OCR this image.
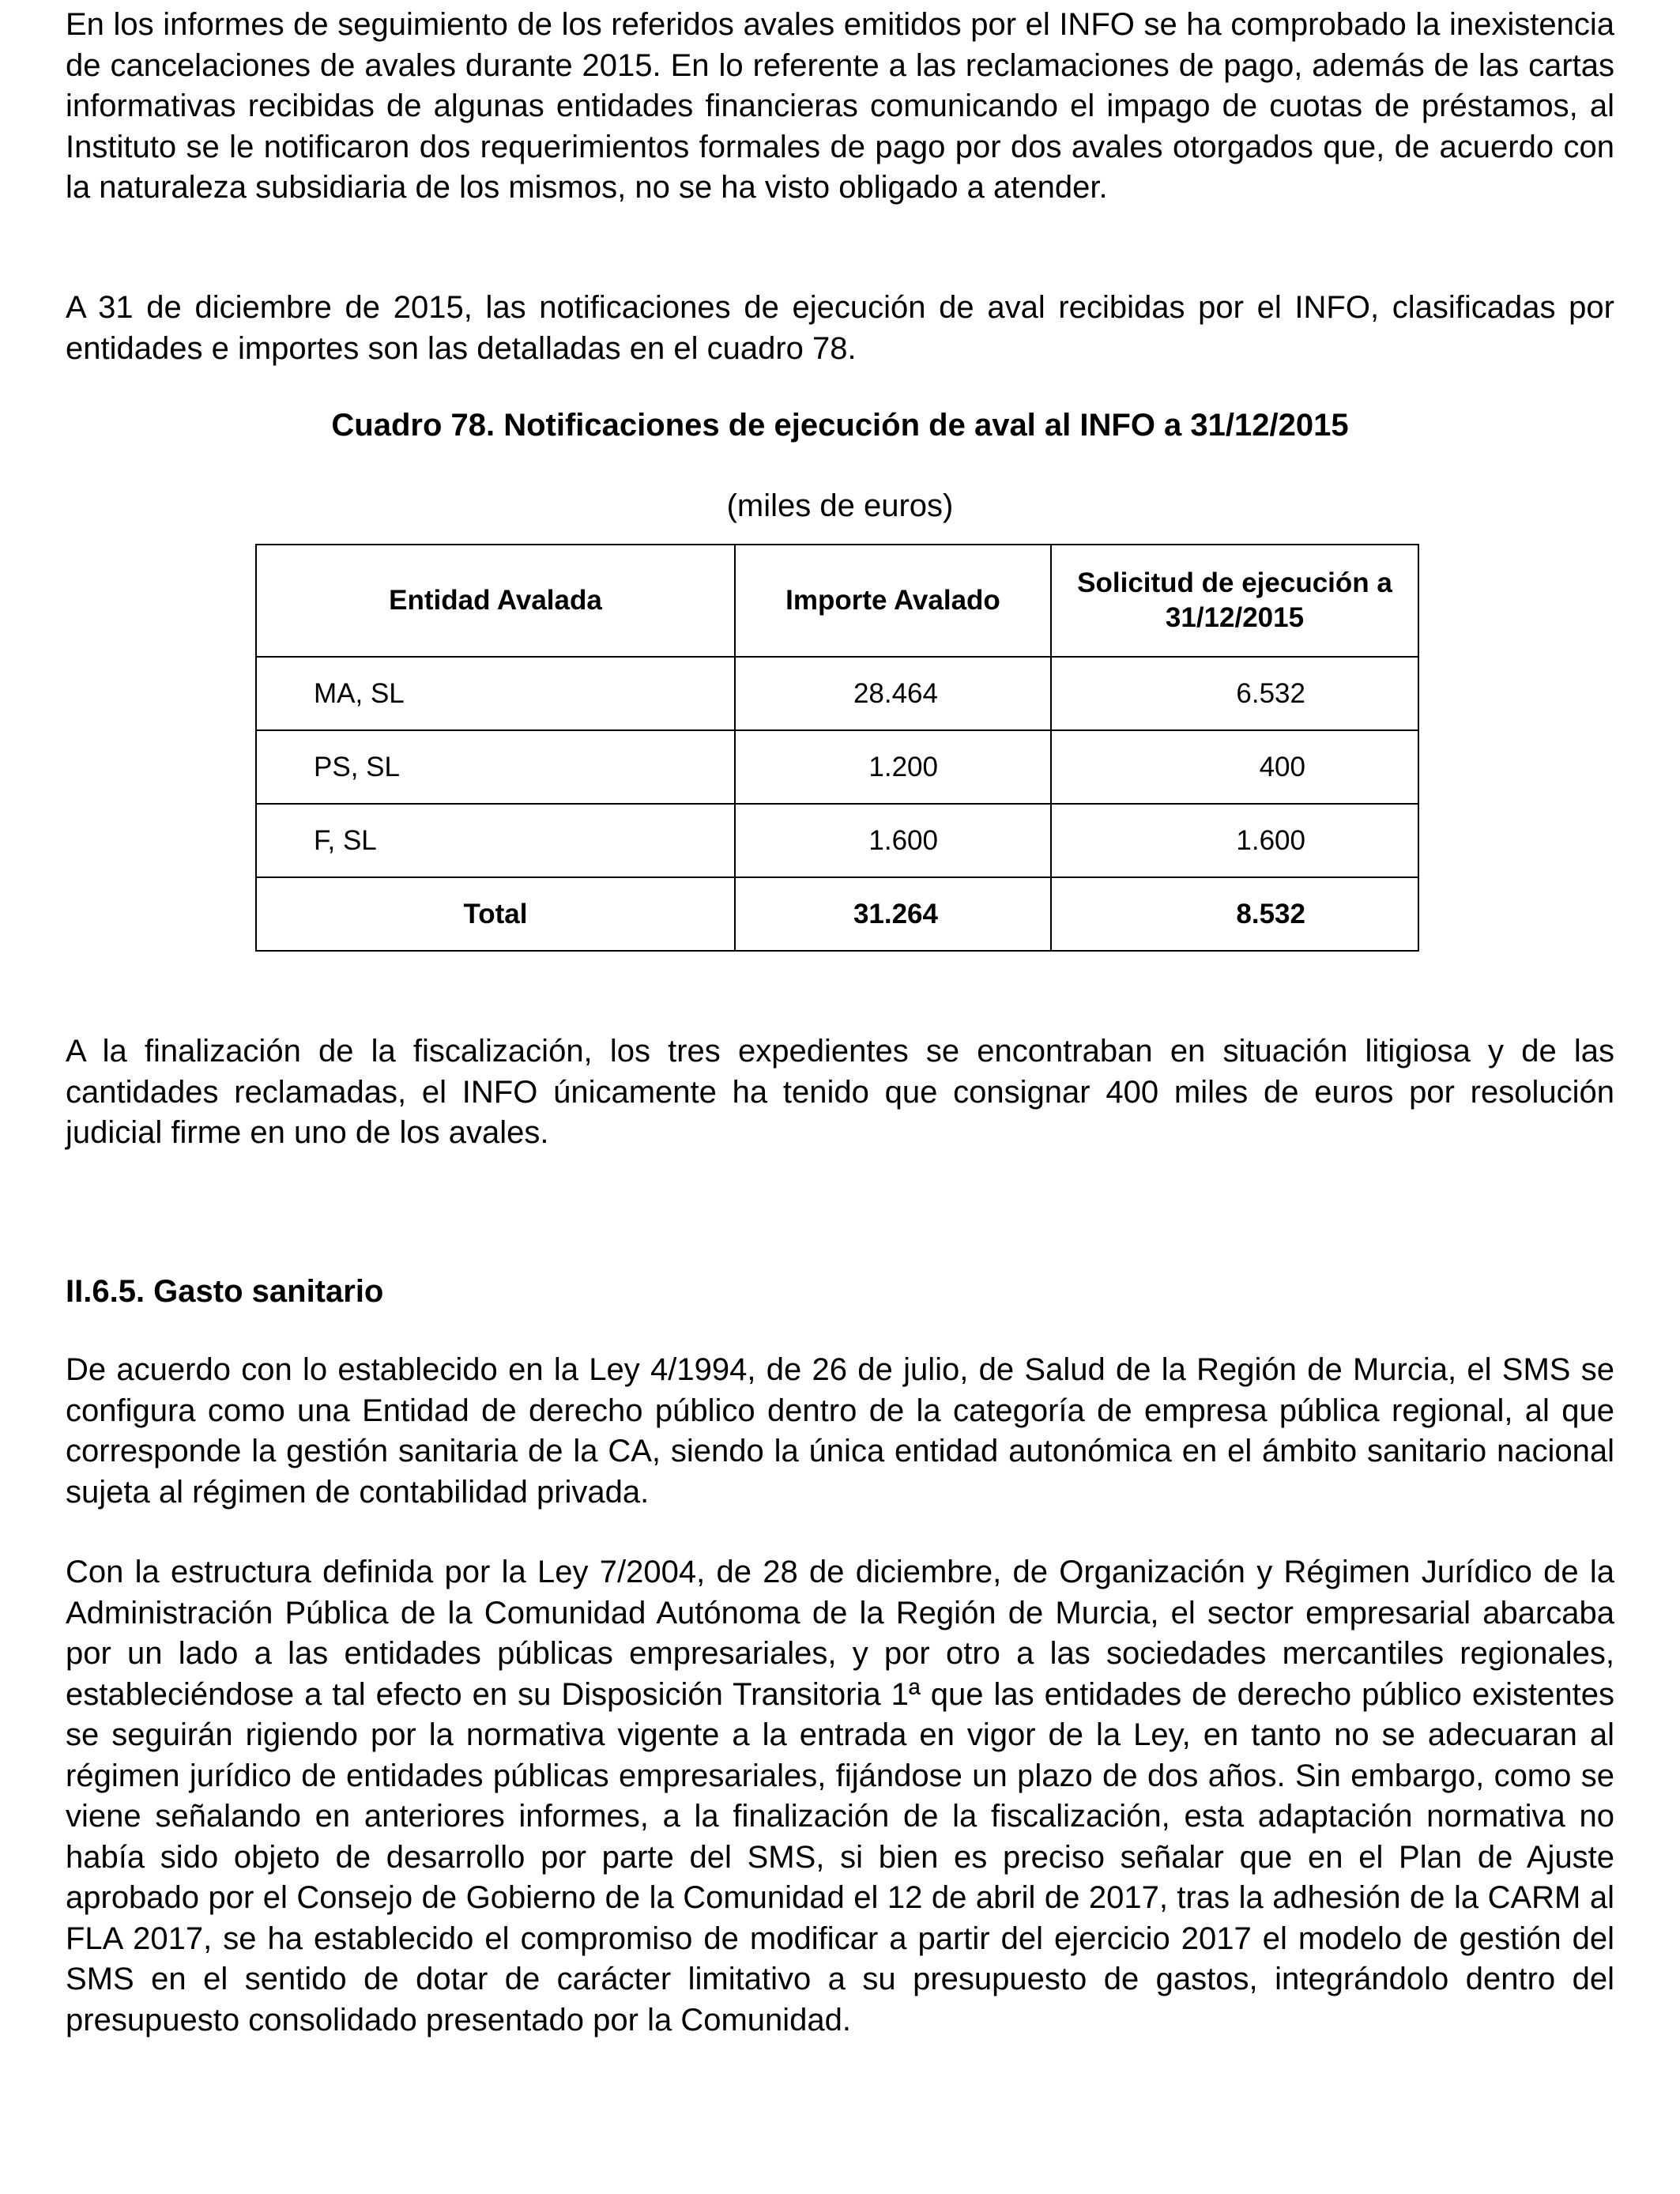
En los informes de seguimiento de los referidos avales emitidos por el INFO se ha comprobado la inexistencia de cancelaciones de avales durante 2015. En lo referente a las reclamaciones de pago, además de las cartas informativas recibidas de algunas entidades financieras comunicando el impago de cuotas de préstamos, al Instituto se le notificaron dos requerimientos formales de pago por dos avales otorgados que, de acuerdo con la naturaleza subsidiaria de los mismos, no se ha visto obligado a atender.

A 31 de diciembre de 2015, las notificaciones de ejecución de aval recibidas por el INFO, clasificadas por entidades e importes son las detalladas en el cuadro 78.

Cuadro 78. Notificaciones de ejecución de aval al INFO a 31/12/2015

(miles de euros)

Entidad Avalada	Importe Avalado	Solicitud de ejecución a 31/12/2015

MA, SL	28.464	6.532
PS, SL	1.200	400
F, SL	1.600	1.600
Total	31.264	8.532

A la finalización de la fiscalización, los tres expedientes se encontraban en situación litigiosa y de las cantidades reclamadas, el INFO únicamente ha tenido que consignar 400 miles de euros por resolución judicial firme en uno de los avales.

II.6.5. Gasto sanitario

De acuerdo con lo establecido en la Ley 4/1994, de 26 de julio, de Salud de la Región de Murcia, el SMS se configura como una Entidad de derecho público dentro de la categoría de empresa pública regional, al que corresponde la gestión sanitaria de la CA, siendo la única entidad autonómica en el ámbito sanitario nacional sujeta al régimen de contabilidad privada.

Con la estructura definida por la Ley 7/2004, de 28 de diciembre, de Organización y Régimen Jurídico de la Administración Pública de la Comunidad Autónoma de la Región de Murcia, el sector empresarial abarcaba por un lado a las entidades públicas empresariales, y por otro a las sociedades mercantiles regionales, estableciéndose a tal efecto en su Disposición Transitoria 1ª que las entidades de derecho público existentes se seguirán rigiendo por la normativa vigente a la entrada en vigor de la Ley, en tanto no se adecuaran al régimen jurídico de entidades públicas empresariales, fijándose un plazo de dos años. Sin embargo, como se viene señalando en anteriores informes, a la finalización de la fiscalización, esta adaptación normativa no había sido objeto de desarrollo por parte del SMS, si bien es preciso señalar que en el Plan de Ajuste aprobado por el Consejo de Gobierno de la Comunidad el 12 de abril de 2017, tras la adhesión de la CARM al FLA 2017, se ha establecido el compromiso de modificar a partir del ejercicio 2017 el modelo de gestión del SMS en el sentido de dotar de carácter limitativo a su presupuesto de gastos, integrándolo dentro del presupuesto consolidado presentado por la Comunidad.
